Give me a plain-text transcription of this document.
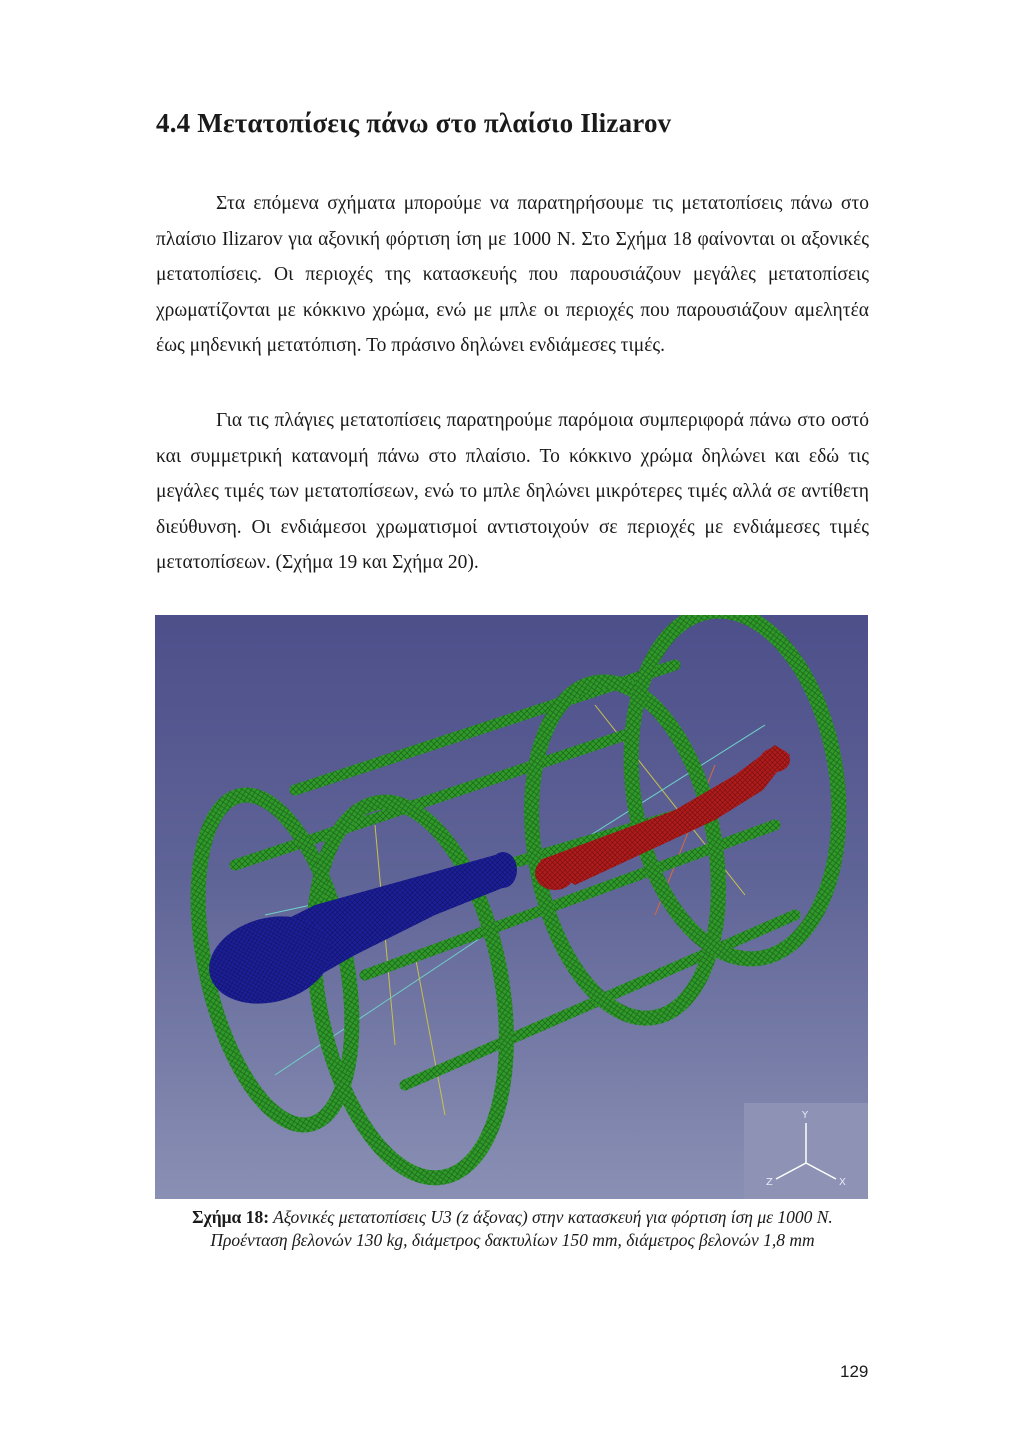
4.4 Μετατοπίσεις πάνω στο πλαίσιο Ilizarov

Στα επόμενα σχήματα μπορούμε να παρατηρήσουμε τις μετατοπίσεις πάνω στο πλαίσιο Ilizarov για αξονική φόρτιση ίση με 1000 N. Στο Σχήμα 18 φαίνονται οι αξονικές μετατοπίσεις. Οι περιοχές της κατασκευής που παρουσιάζουν μεγάλες μετατοπίσεις χρωματίζονται με κόκκινο χρώμα, ενώ με μπλε οι περιοχές που παρουσιάζουν αμελητέα έως μηδενική μετατόπιση. Το πράσινο δηλώνει ενδιάμεσες τιμές.

Για τις πλάγιες μετατοπίσεις παρατηρούμε παρόμοια συμπεριφορά πάνω στο οστό και συμμετρική κατανομή πάνω στο πλαίσιο. Το κόκκινο χρώμα δηλώνει και εδώ τις μεγάλες τιμές των μετατοπίσεων, ενώ το μπλε δηλώνει μικρότερες τιμές αλλά σε αντίθετη διεύθυνση. Οι ενδιάμεσοι χρωματισμοί αντιστοιχούν σε περιοχές με ενδιάμεσες τιμές μετατοπίσεων. (Σχήμα 19 και Σχήμα 20).

Y
Z	X

Σχήμα 18: Αξονικές μετατοπίσεις U3 (z άξονας) στην κατασκευή για φόρτιση ίση με 1000 N. Προένταση βελονών 130 kg, διάμετρος δακτυλίων 150 mm, διάμετρος βελονών 1,8 mm

129
